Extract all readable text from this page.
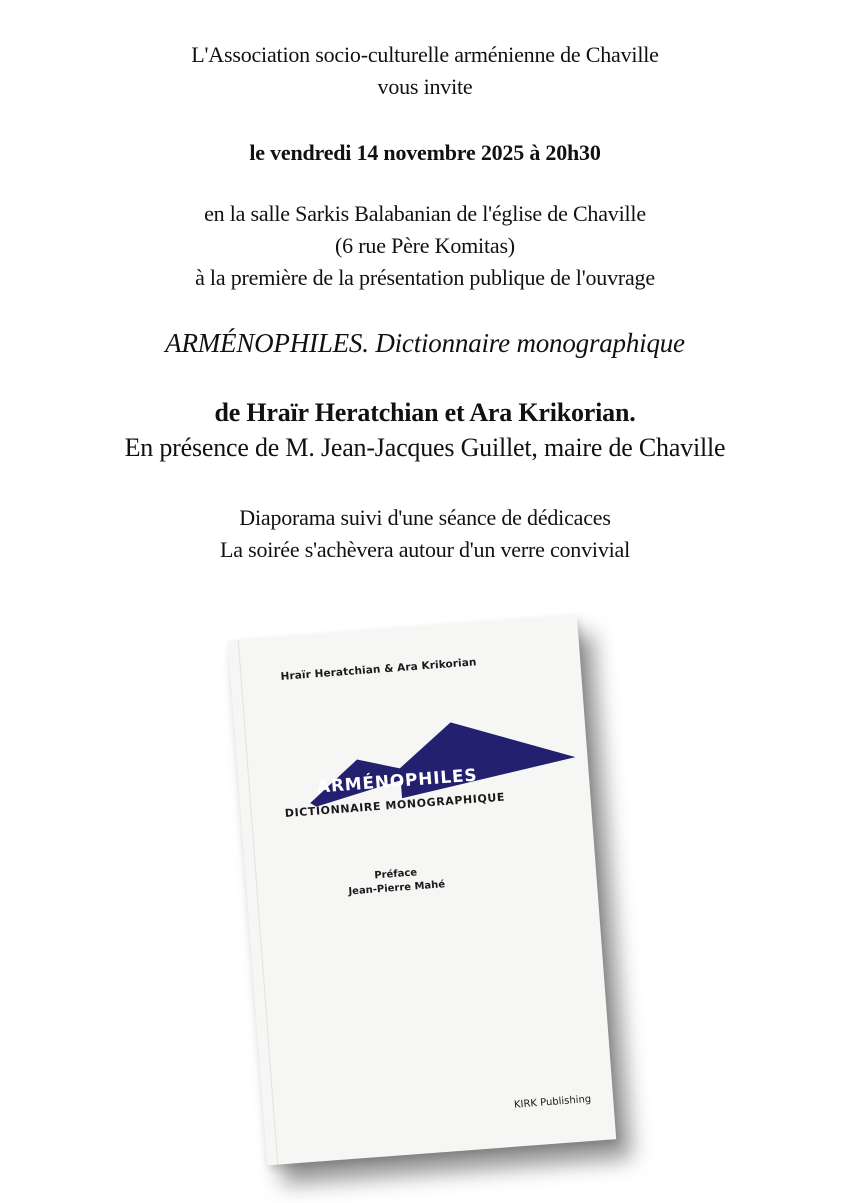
L'Association socio-culturelle arménienne de Chaville
vous invite
le vendredi 14 novembre 2025 à 20h30
en la salle Sarkis Balabanian de l'église de Chaville
(6 rue Père Komitas)
à la première de la présentation publique de l'ouvrage
ARMÉNOPHILES. Dictionnaire monographique
de Hraïr Heratchian et Ara Krikorian.
En présence de M. Jean-Jacques Guillet, maire de Chaville
Diaporama suivi d'une séance de dédicaces
La soirée s'achèvera autour d'un verre convivial
Hraïr Heratchian & Ara Krikorian
ARMÉNOPHILES
DICTIONNAIRE MONOGRAPHIQUE
Préface
Jean-Pierre Mahé
KIRK Publishing
